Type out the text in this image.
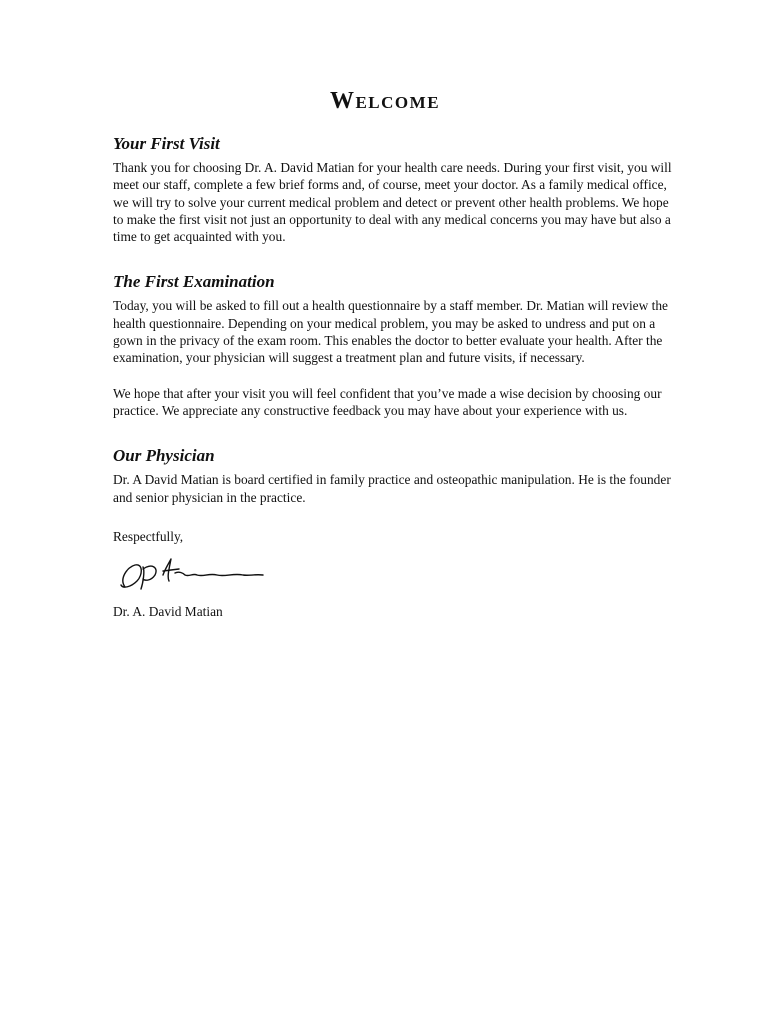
Welcome

Your First Visit

Thank you for choosing Dr. A. David Matian for your health care needs. During your first visit, you will meet our staff, complete a few brief forms and, of course, meet your doctor. As a family medical office, we will try to solve your current medical problem and detect or prevent other health problems. We hope to make the first visit not just an opportunity to deal with any medical concerns you may have but also a time to get acquainted with you.

The First Examination

Today, you will be asked to fill out a health questionnaire by a staff member. Dr. Matian will review the health questionnaire. Depending on your medical problem, you may be asked to undress and put on a gown in the privacy of the exam room. This enables the doctor to better evaluate your health. After the examination, your physician will suggest a treatment plan and future visits, if necessary.

We hope that after your visit you will feel confident that you’ve made a wise decision by choosing our practice. We appreciate any constructive feedback you may have about your experience with us.

Our Physician

Dr. A David Matian is board certified in family practice and osteopathic manipulation. He is the founder and senior physician in the practice.

Respectfully,

Dr. A. David Matian
